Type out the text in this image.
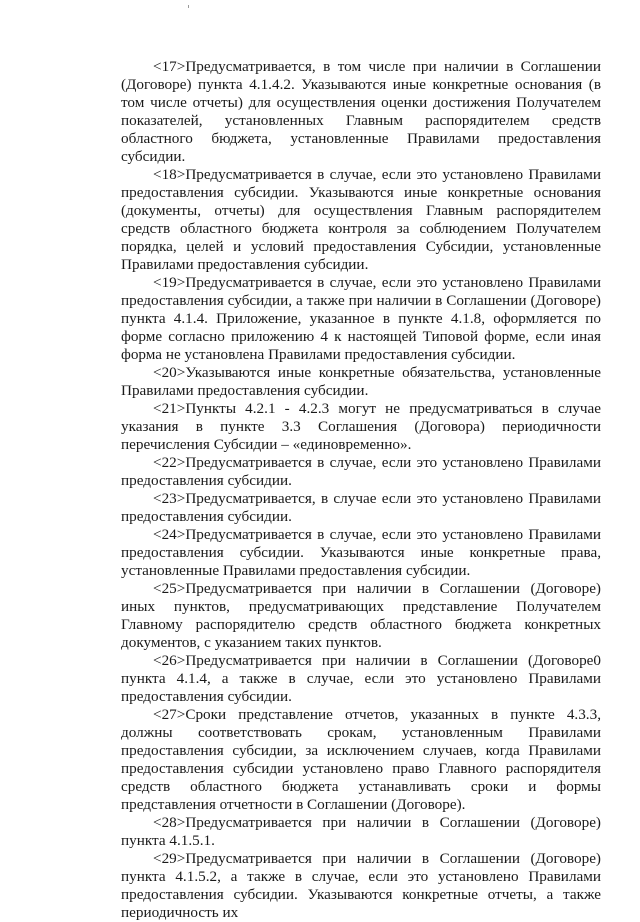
<17>Предусматривается, в том числе при наличии в Соглашении (Договоре) пункта 4.1.4.2. Указываются иные конкретные основания (в том числе отчеты) для осуществления оценки достижения Получателем показателей, установленных Главным распорядителем средств областного бюджета, установленные Правилами предоставления субсидии.

<18>Предусматривается в случае, если это установлено Правилами предоставления субсидии. Указываются иные конкретные основания (документы, отчеты) для осуществления Главным распорядителем средств областного бюджета контроля за соблюдением Получателем порядка, целей и условий предоставления Субсидии, установленные Правилами предоставления субсидии.

<19>Предусматривается в случае, если это установлено Правилами предоставления субсидии, а также при наличии в Соглашении (Договоре) пункта 4.1.4. Приложение, указанное в пункте 4.1.8, оформляется по форме согласно приложению 4 к настоящей Типовой форме, если иная форма не установлена Правилами предоставления субсидии.

<20>Указываются иные конкретные обязательства, установленные Правилами предоставления субсидии.

<21>Пункты 4.2.1 - 4.2.3 могут не предусматриваться в случае указания в пункте 3.3 Соглашения (Договора) периодичности перечисления Субсидии – «единовременно».

<22>Предусматривается в случае, если это установлено Правилами предоставления субсидии.

<23>Предусматривается, в случае если это установлено Правилами предоставления субсидии.

<24>Предусматривается в случае, если это установлено Правилами предоставления субсидии. Указываются иные конкретные права, установленные Правилами предоставления субсидии.

<25>Предусматривается при наличии в Соглашении (Договоре) иных пунктов, предусматривающих представление Получателем Главному распорядителю средств областного бюджета конкретных документов, с указанием таких пунктов.

<26>Предусматривается при наличии в Соглашении (Договоре0 пункта 4.1.4, а также в случае, если это установлено Правилами предоставления субсидии.

<27>Сроки представление отчетов, указанных в пункте 4.3.3, должны соответствовать срокам, установленным Правилами предоставления субсидии, за исключением случаев, когда Правилами предоставления субсидии установлено право Главного распорядителя средств областного бюджета устанавливать сроки и формы представления отчетности в Соглашении (Договоре).

<28>Предусматривается при наличии в Соглашении (Договоре) пункта 4.1.5.1.

<29>Предусматривается при наличии в Соглашении (Договоре) пункта 4.1.5.2, а также в случае, если это установлено Правилами предоставления субсидии. Указываются конкретные отчеты, а также периодичность их
